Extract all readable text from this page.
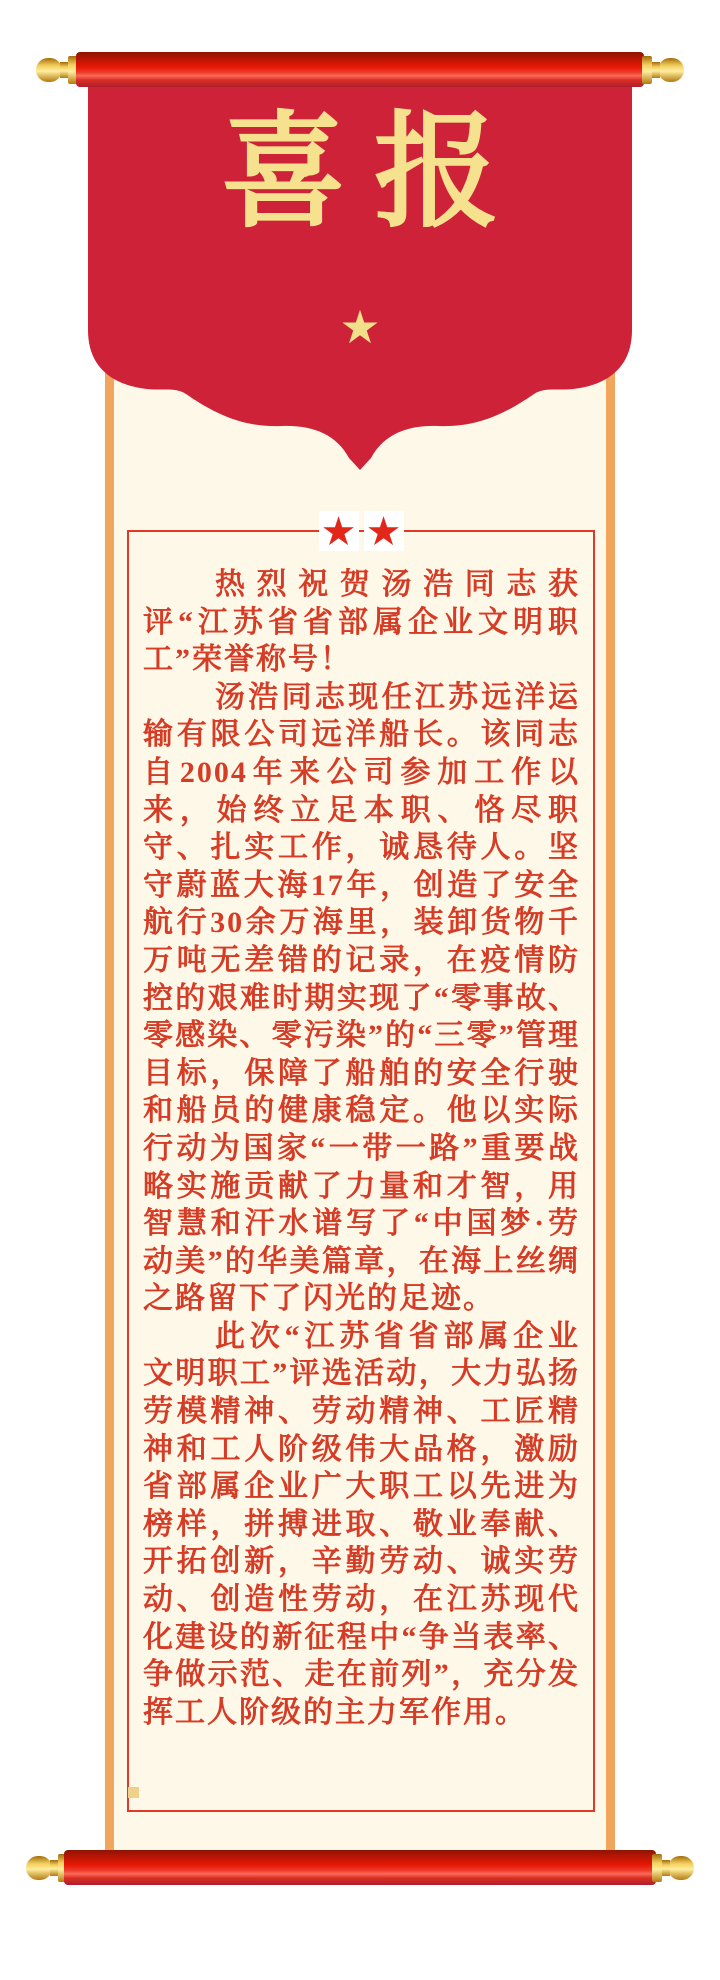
喜报
★
★ ★

热烈祝贺汤浩同志获评“江苏省省部属企业文明职工”荣誉称号！

汤浩同志现任江苏远洋运输有限公司远洋船长。该同志自2004年来公司参加工作以来，始终立足本职、恪尽职守、扎实工作，诚恳待人。坚守蔚蓝大海17年，创造了安全航行30余万海里，装卸货物千万吨无差错的记录，在疫情防控的艰难时期实现了“零事故、零感染、零污染”的“三零”管理目标，保障了船舶的安全行驶和船员的健康稳定。他以实际行动为国家“一带一路”重要战略实施贡献了力量和才智，用智慧和汗水谱写了“中国梦·劳动美”的华美篇章，在海上丝绸之路留下了闪光的足迹。

此次“江苏省省部属企业文明职工”评选活动，大力弘扬劳模精神、劳动精神、工匠精神和工人阶级伟大品格，激励省部属企业广大职工以先进为榜样，拼搏进取、敬业奉献、开拓创新，辛勤劳动、诚实劳动、创造性劳动，在江苏现代化建设的新征程中“争当表率、争做示范、走在前列”，充分发挥工人阶级的主力军作用。
